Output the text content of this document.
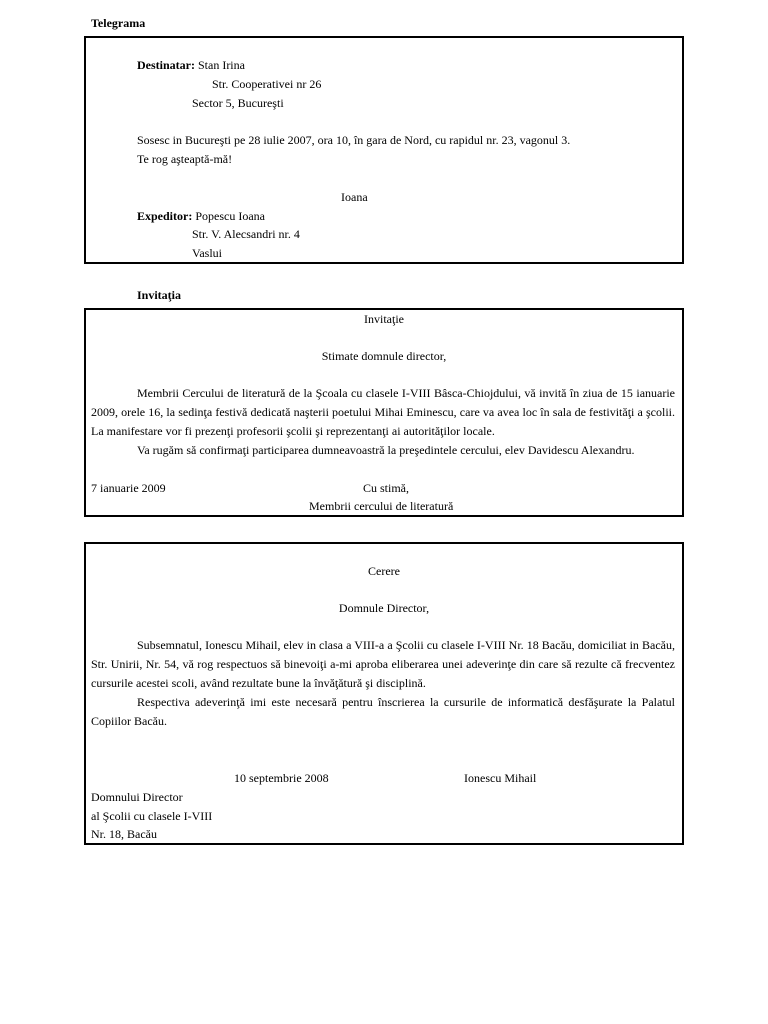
Telegrama
Destinatar: Stan Irina
Str. Cooperativei nr 26
Sector 5, Bucureşti
Sosesc in Bucureşti pe 28 iulie 2007, ora 10, în gara de Nord, cu rapidul nr. 23, vagonul 3.
Te rog aşteaptă-mă!
Ioana
Expeditor: Popescu Ioana
Str. V. Alecsandri nr. 4
Vaslui
Invitaţia
Invitaţie
Stimate domnule director,
Membrii Cercului de literatură de la Şcoala cu clasele I-VIII Bâsca-Chiojdului, vă invită în ziua de 15 ianuarie 2009, orele 16, la sedinţa festivă dedicată naşterii poetului Mihai Eminescu, care va avea loc în sala de festivităţi a şcolii. La manifestare vor fi prezenţi profesorii şcolii şi reprezentanţi ai autorităţilor locale.
Va rugăm să confirmaţi participarea dumneavoastră la preşedintele cercului, elev Davidescu Alexandru.
7 ianuarie 2009	Cu stimă,
Membrii cercului de literatură
Cerere
Domnule Director,
Subsemnatul, Ionescu Mihail, elev in clasa a VIII-a a Şcolii cu clasele I-VIII Nr. 18 Bacău, domiciliat in Bacău, Str. Unirii, Nr. 54, vă rog respectuos să binevoiţi a-mi aproba eliberarea unei adeverinţe din care să rezulte că frecventez cursurile acestei scoli, având rezultate bune la învăţătură şi disciplină.
Respectiva adeverinţă imi este necesară pentru înscrierea la cursurile de informatică desfăşurate la Palatul Copiilor Bacău.
10 septembrie 2008	Ionescu Mihail
Domnului Director
al Şcolii cu clasele I-VIII
Nr. 18, Bacău
